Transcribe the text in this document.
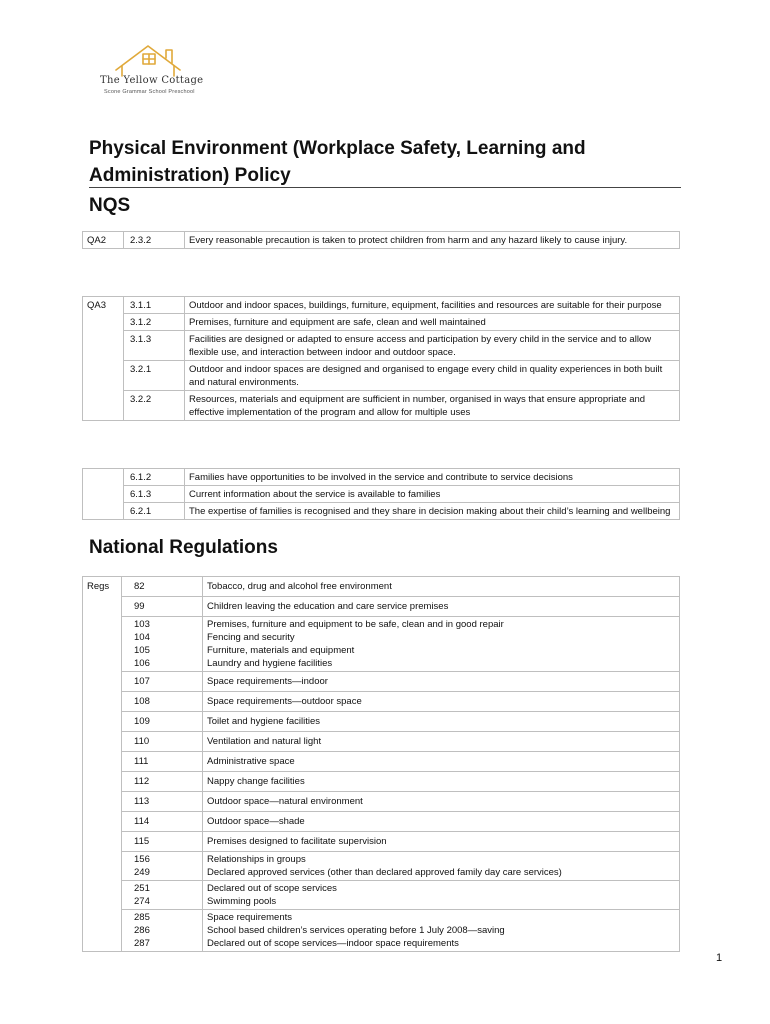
The Yellow Cottage
Scone Grammar School Preschool
Physical Environment (Workplace Safety, Learning and Administration) Policy
NQS
QA2	2.3.2	Every reasonable precaution is taken to protect children from harm and any hazard likely to cause injury.
QA3	3.1.1	Outdoor and indoor spaces, buildings, furniture, equipment, facilities and resources are suitable for their purpose
	3.1.2	Premises, furniture and equipment are safe, clean and well maintained
	3.1.3	Facilities are designed or adapted to ensure access and participation by every child in the service and to allow flexible use, and interaction between indoor and outdoor space.
	3.2.1	Outdoor and indoor spaces are designed and organised to engage every child in quality experiences in both built and natural environments.
	3.2.2	Resources, materials and equipment are sufficient in number, organised in ways that ensure appropriate and effective implementation of the program and allow for multiple uses
	6.1.2	Families have opportunities to be involved in the service and contribute to service decisions
	6.1.3	Current information about the service is available to families
	6.2.1	The expertise of families is recognised and they share in decision making about their child’s learning and wellbeing
National Regulations
Regs	82	Tobacco, drug and alcohol free environment
	99	Children leaving the education and care service premises
	103	Premises, furniture and equipment to be safe, clean and in good repair
	104	Fencing and security
	105	Furniture, materials and equipment
	106	Laundry and hygiene facilities
	107	Space requirements—indoor
	108	Space requirements—outdoor space
	109	Toilet and hygiene facilities
	110	Ventilation and natural light
	111	Administrative space
	112	Nappy change facilities
	113	Outdoor space—natural environment
	114	Outdoor space—shade
	115	Premises designed to facilitate supervision
	156	Relationships in groups
	249	Declared approved services (other than declared approved family day care services)
	251	Declared out of scope services
	274	Swimming pools
	285	Space requirements
	286	School based children’s services operating before 1 July 2008—saving
	287	Declared out of scope services—indoor space requirements
1
